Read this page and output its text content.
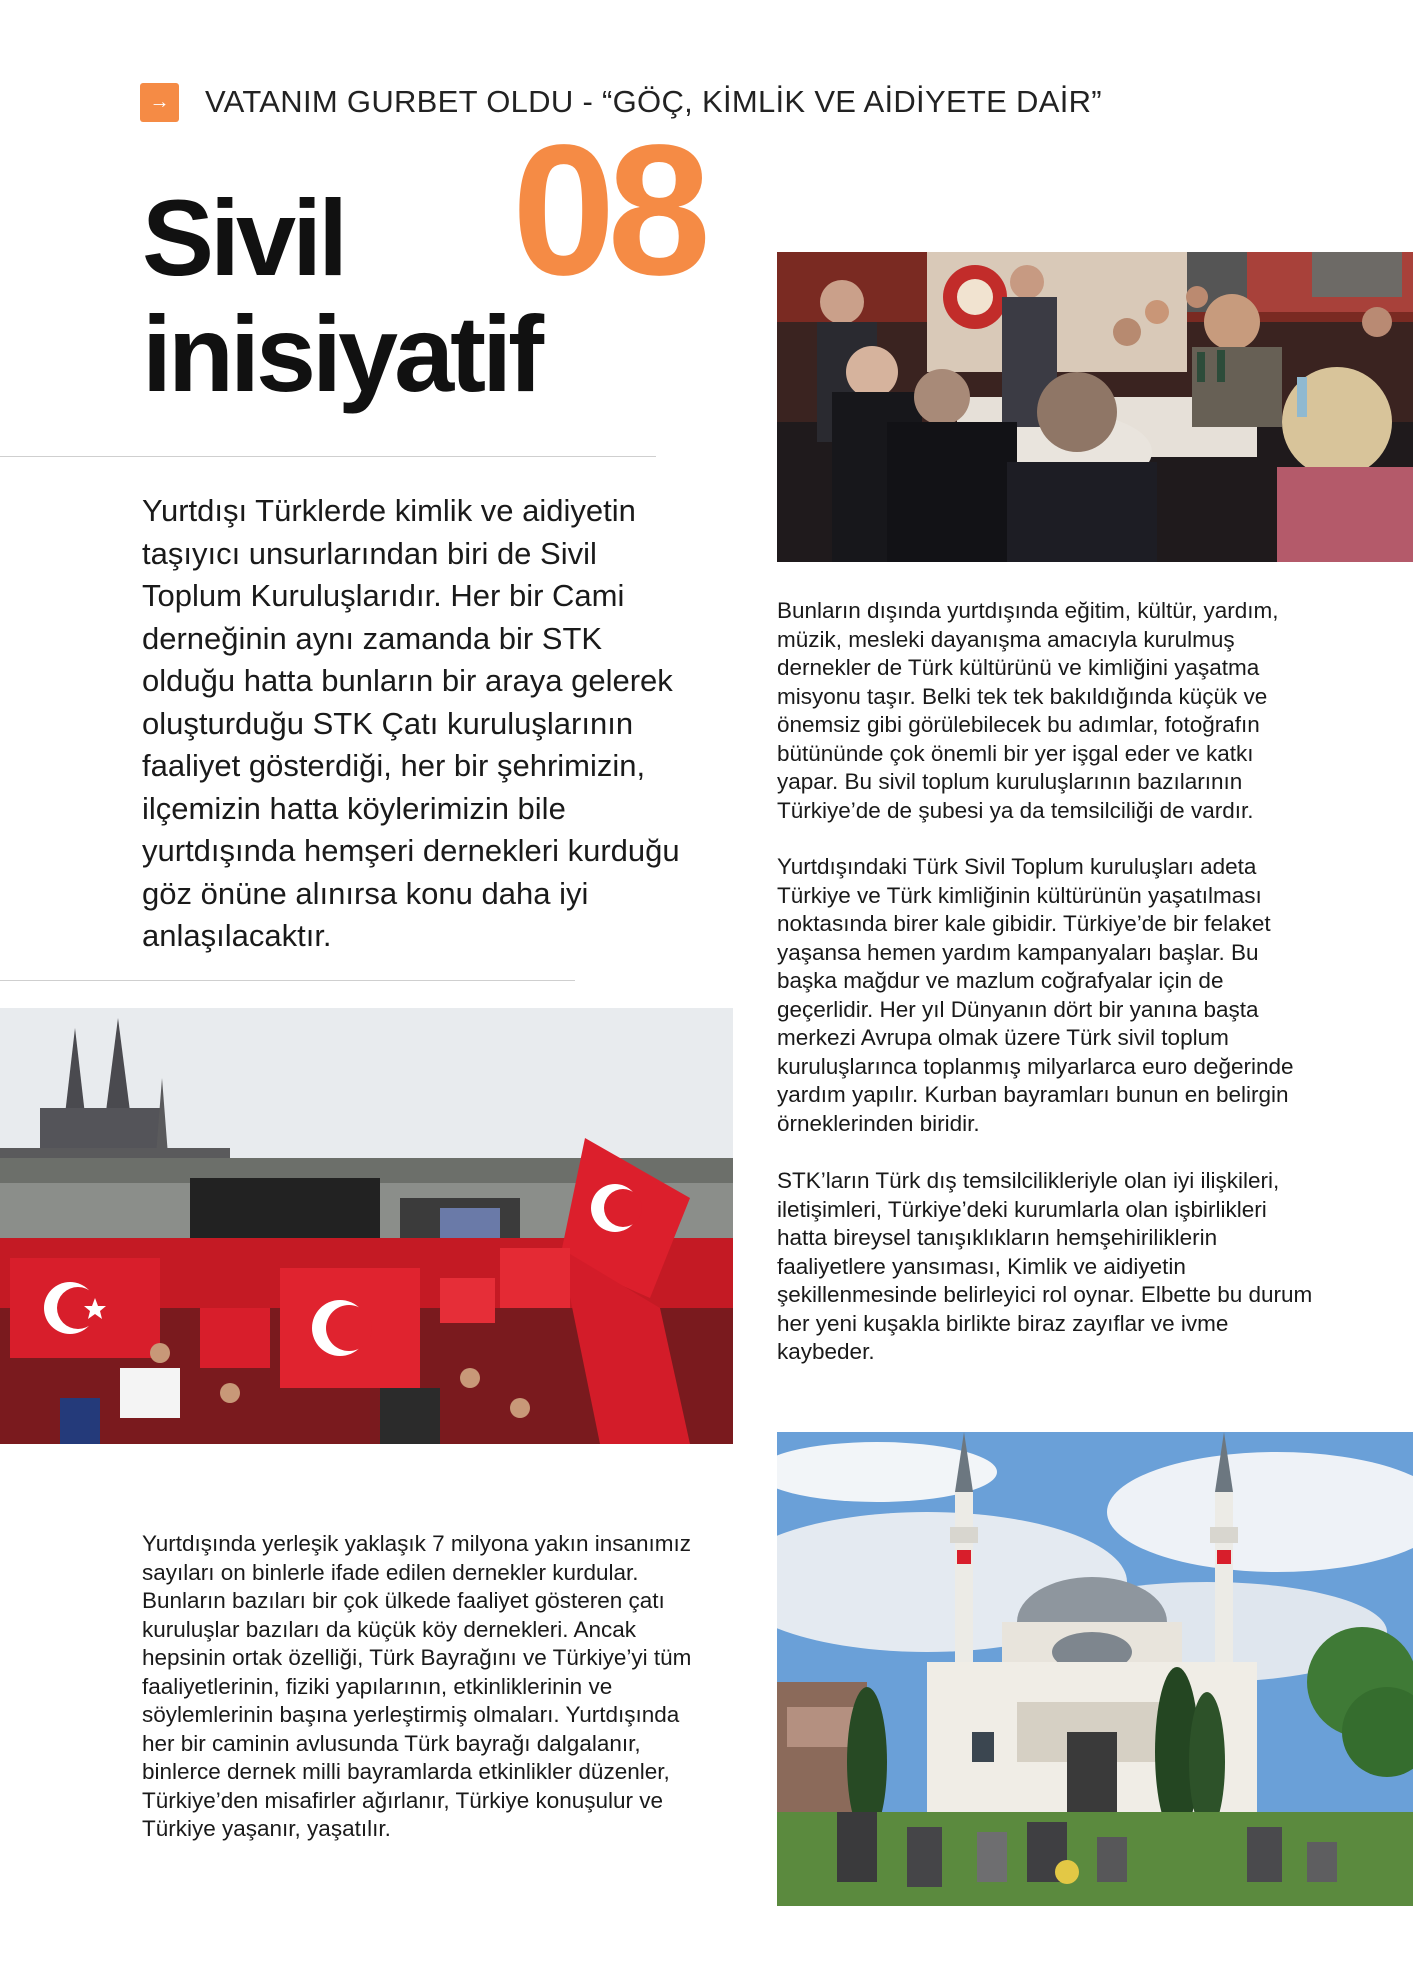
→	VATANIM GURBET OLDU - “GÖÇ, KİMLİK VE AİDİYETE DAİR”
08
Sivil
inisiyatif

Yurtdışı Türklerde kimlik ve aidiyetin taşıyıcı unsurlarından biri de Sivil Toplum Kuruluşlarıdır. Her bir Cami derneğinin aynı zamanda bir STK olduğu hatta bunların bir araya gelerek oluşturduğu STK Çatı kuruluşlarının faaliyet gösterdiği, her bir şehrimizin, ilçemizin hatta köylerimizin bile yurtdışında hemşeri dernekleri kurduğu göz önüne alınırsa konu daha iyi anlaşılacaktır.

Bunların dışında yurtdışında eğitim, kültür, yardım, müzik, mesleki dayanışma amacıyla kurulmuş dernekler de Türk kültürünü ve kimliğini yaşatma misyonu taşır. Belki tek tek bakıldığında küçük ve önemsiz gibi görülebilecek bu adımlar, fotoğrafın bütününde çok önemli bir yer işgal eder ve katkı yapar. Bu sivil toplum kuruluşlarının bazılarının Türkiye’de de şubesi ya da temsilciliği de vardır.

Yurtdışındaki Türk Sivil Toplum kuruluşları adeta Türkiye ve Türk kimliğinin kültürünün yaşatılması noktasında birer kale gibidir. Türkiye’de bir felaket yaşansa hemen yardım kampanyaları başlar. Bu başka mağdur ve mazlum coğrafyalar için de geçerlidir. Her yıl Dünyanın dört bir yanına başta merkezi Avrupa olmak üzere Türk sivil toplum kuruluşlarınca toplanmış milyarlarca euro değerinde yardım yapılır. Kurban bayramları bunun en belirgin örneklerinden biridir.

STK’ların Türk dış temsilcilikleriyle olan iyi ilişkileri, iletişimleri, Türkiye’deki kurumlarla olan işbirlikleri hatta bireysel tanışıklıkların hemşehiriliklerin faaliyetlere yansıması, Kimlik ve aidiyetin şekillenmesinde belirleyici rol oynar. Elbette bu durum her yeni kuşakla birlikte biraz zayıflar ve ivme kaybeder.

Yurtdışında yerleşik yaklaşık 7 milyona yakın insanımız sayıları on binlerle ifade edilen dernekler kurdular. Bunların bazıları bir çok ülkede faaliyet gösteren çatı kuruluşlar bazıları da küçük köy dernekleri. Ancak hepsinin ortak özelliği, Türk Bayrağını ve Türkiye’yi tüm faaliyetlerinin, fiziki yapılarının, etkinliklerinin ve söylemlerinin başına yerleştirmiş olmaları. Yurtdışında her bir caminin avlusunda Türk bayrağı dalgalanır, binlerce dernek milli bayramlarda etkinlikler düzenler, Türkiye’den misafirler ağırlanır, Türkiye konuşulur ve Türkiye yaşanır, yaşatılır.
